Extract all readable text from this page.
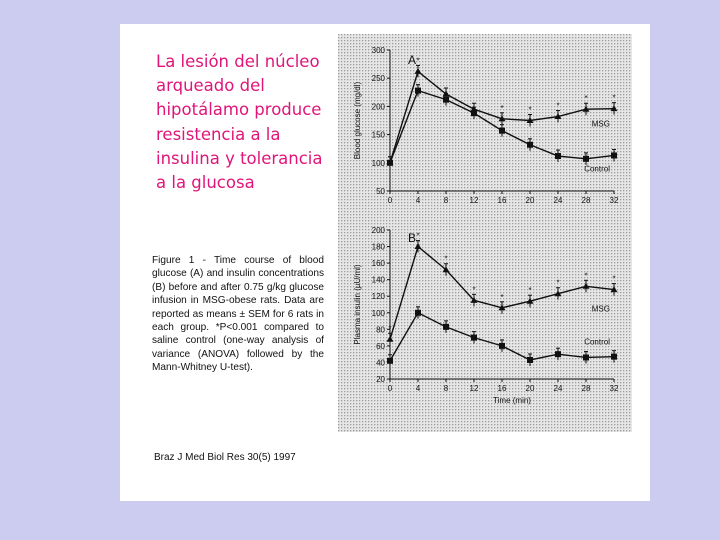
La lesión del núcleo arqueado del hipotálamo produce resistencia a la insulina y tolerancia a la glucosa

Figure 1 - Time course of blood glucose (A) and insulin concentrations (B) before and after 0.75 g/kg glucose infusion in MSG-obese rats. Data are reported as means ± SEM for 6 rats in each group. *P<0.001 compared to saline control (one-way analysis of variance (ANOVA) followed by the Mann-Whitney U-test).

Braz J Med Biol Res 30(5) 1997

50
100
150
200
250
300
0	4	8	12 16 20 24 28 32
Blood glucose (mg/dl)
A *
*	*	*
*	*
MSG
Control
20
40
60
80
100
120
140
160
180
200
0	4	8	12 16 20 24 28 32
Plasma insulin (µU/ml)
Time (min)
B
*
*
*
*
*
*
*
*	*
MSG
Control
